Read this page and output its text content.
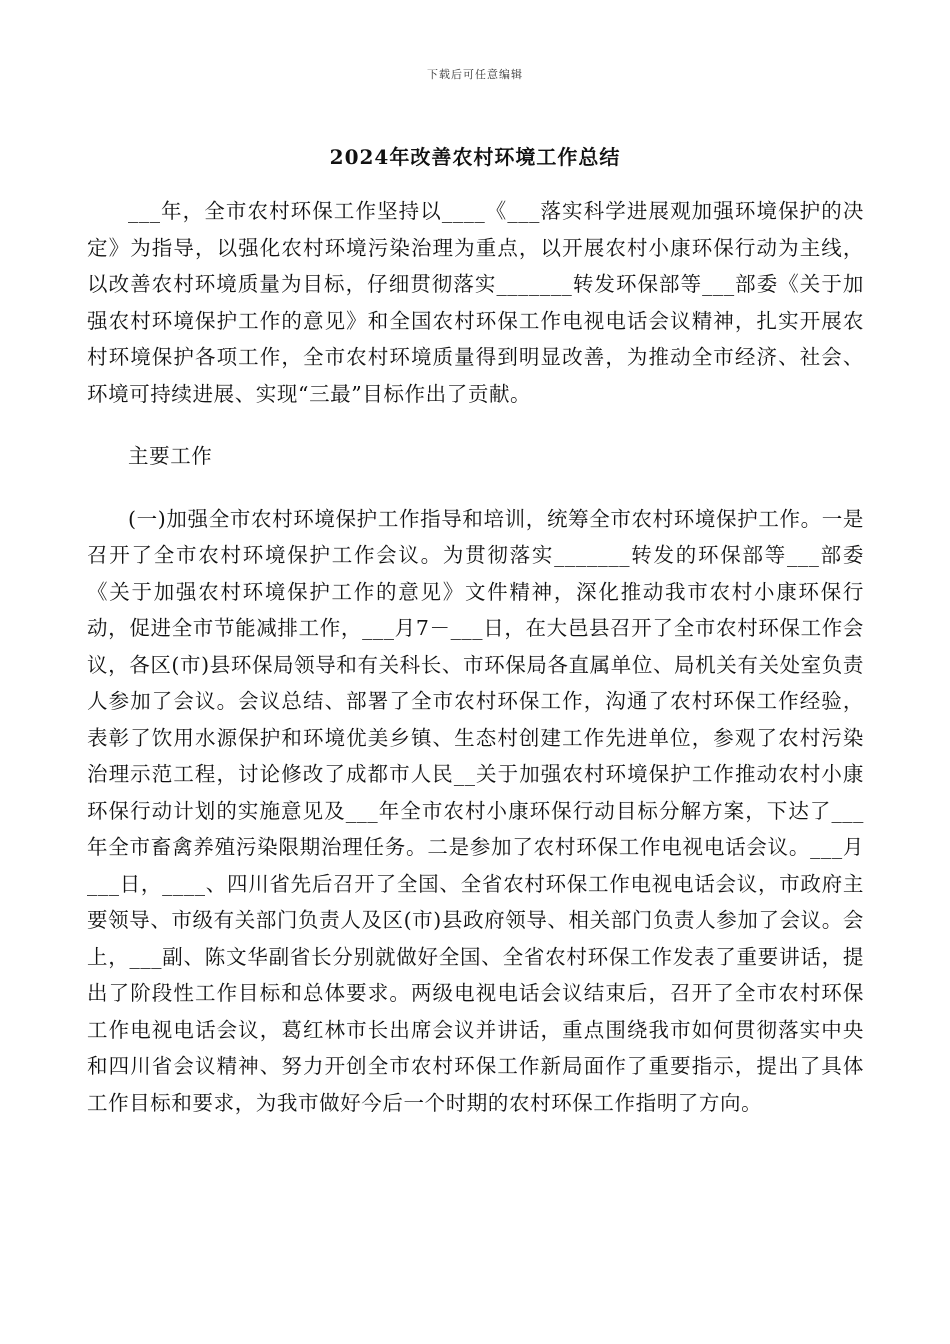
下载后可任意编辑
2024年改善农村环境工作总结

___年，全市农村环保工作坚持以____《___落实科学进展观加强环境保护的决定》为指导，以强化农村环境污染治理为重点，以开展农村小康环保行动为主线，以改善农村环境质量为目标，仔细贯彻落实_______转发环保部等___部委《关于加强农村环境保护工作的意见》和全国农村环保工作电视电话会议精神，扎实开展农村环境保护各项工作，全市农村环境质量得到明显改善，为推动全市经济、社会、环境可持续进展、实现“三最”目标作出了贡献。

主要工作

(一)加强全市农村环境保护工作指导和培训，统筹全市农村环境保护工作。一是召开了全市农村环境保护工作会议。为贯彻落实_______转发的环保部等___部委《关于加强农村环境保护工作的意见》文件精神，深化推动我市农村小康环保行动，促进全市节能减排工作，___月7－___日，在大邑县召开了全市农村环保工作会议，各区(市)县环保局领导和有关科长、市环保局各直属单位、局机关有关处室负责人参加了会议。会议总结、部署了全市农村环保工作，沟通了农村环保工作经验，表彰了饮用水源保护和环境优美乡镇、生态村创建工作先进单位，参观了农村污染治理示范工程，讨论修改了成都市人民__关于加强农村环境保护工作推动农村小康环保行动计划的实施意见及___年全市农村小康环保行动目标分解方案，下达了___年全市畜禽养殖污染限期治理任务。二是参加了农村环保工作电视电话会议。___月___日，____、四川省先后召开了全国、全省农村环保工作电视电话会议，市政府主要领导、市级有关部门负责人及区(市)县政府领导、相关部门负责人参加了会议。会上，___副、陈文华副省长分别就做好全国、全省农村环保工作发表了重要讲话，提出了阶段性工作目标和总体要求。两级电视电话会议结束后，召开了全市农村环保工作电视电话会议，葛红林市长出席会议并讲话，重点围绕我市如何贯彻落实中央和四川省会议精神、努力开创全市农村环保工作新局面作了重要指示，提出了具体工作目标和要求，为我市做好今后一个时期的农村环保工作指明了方向。
